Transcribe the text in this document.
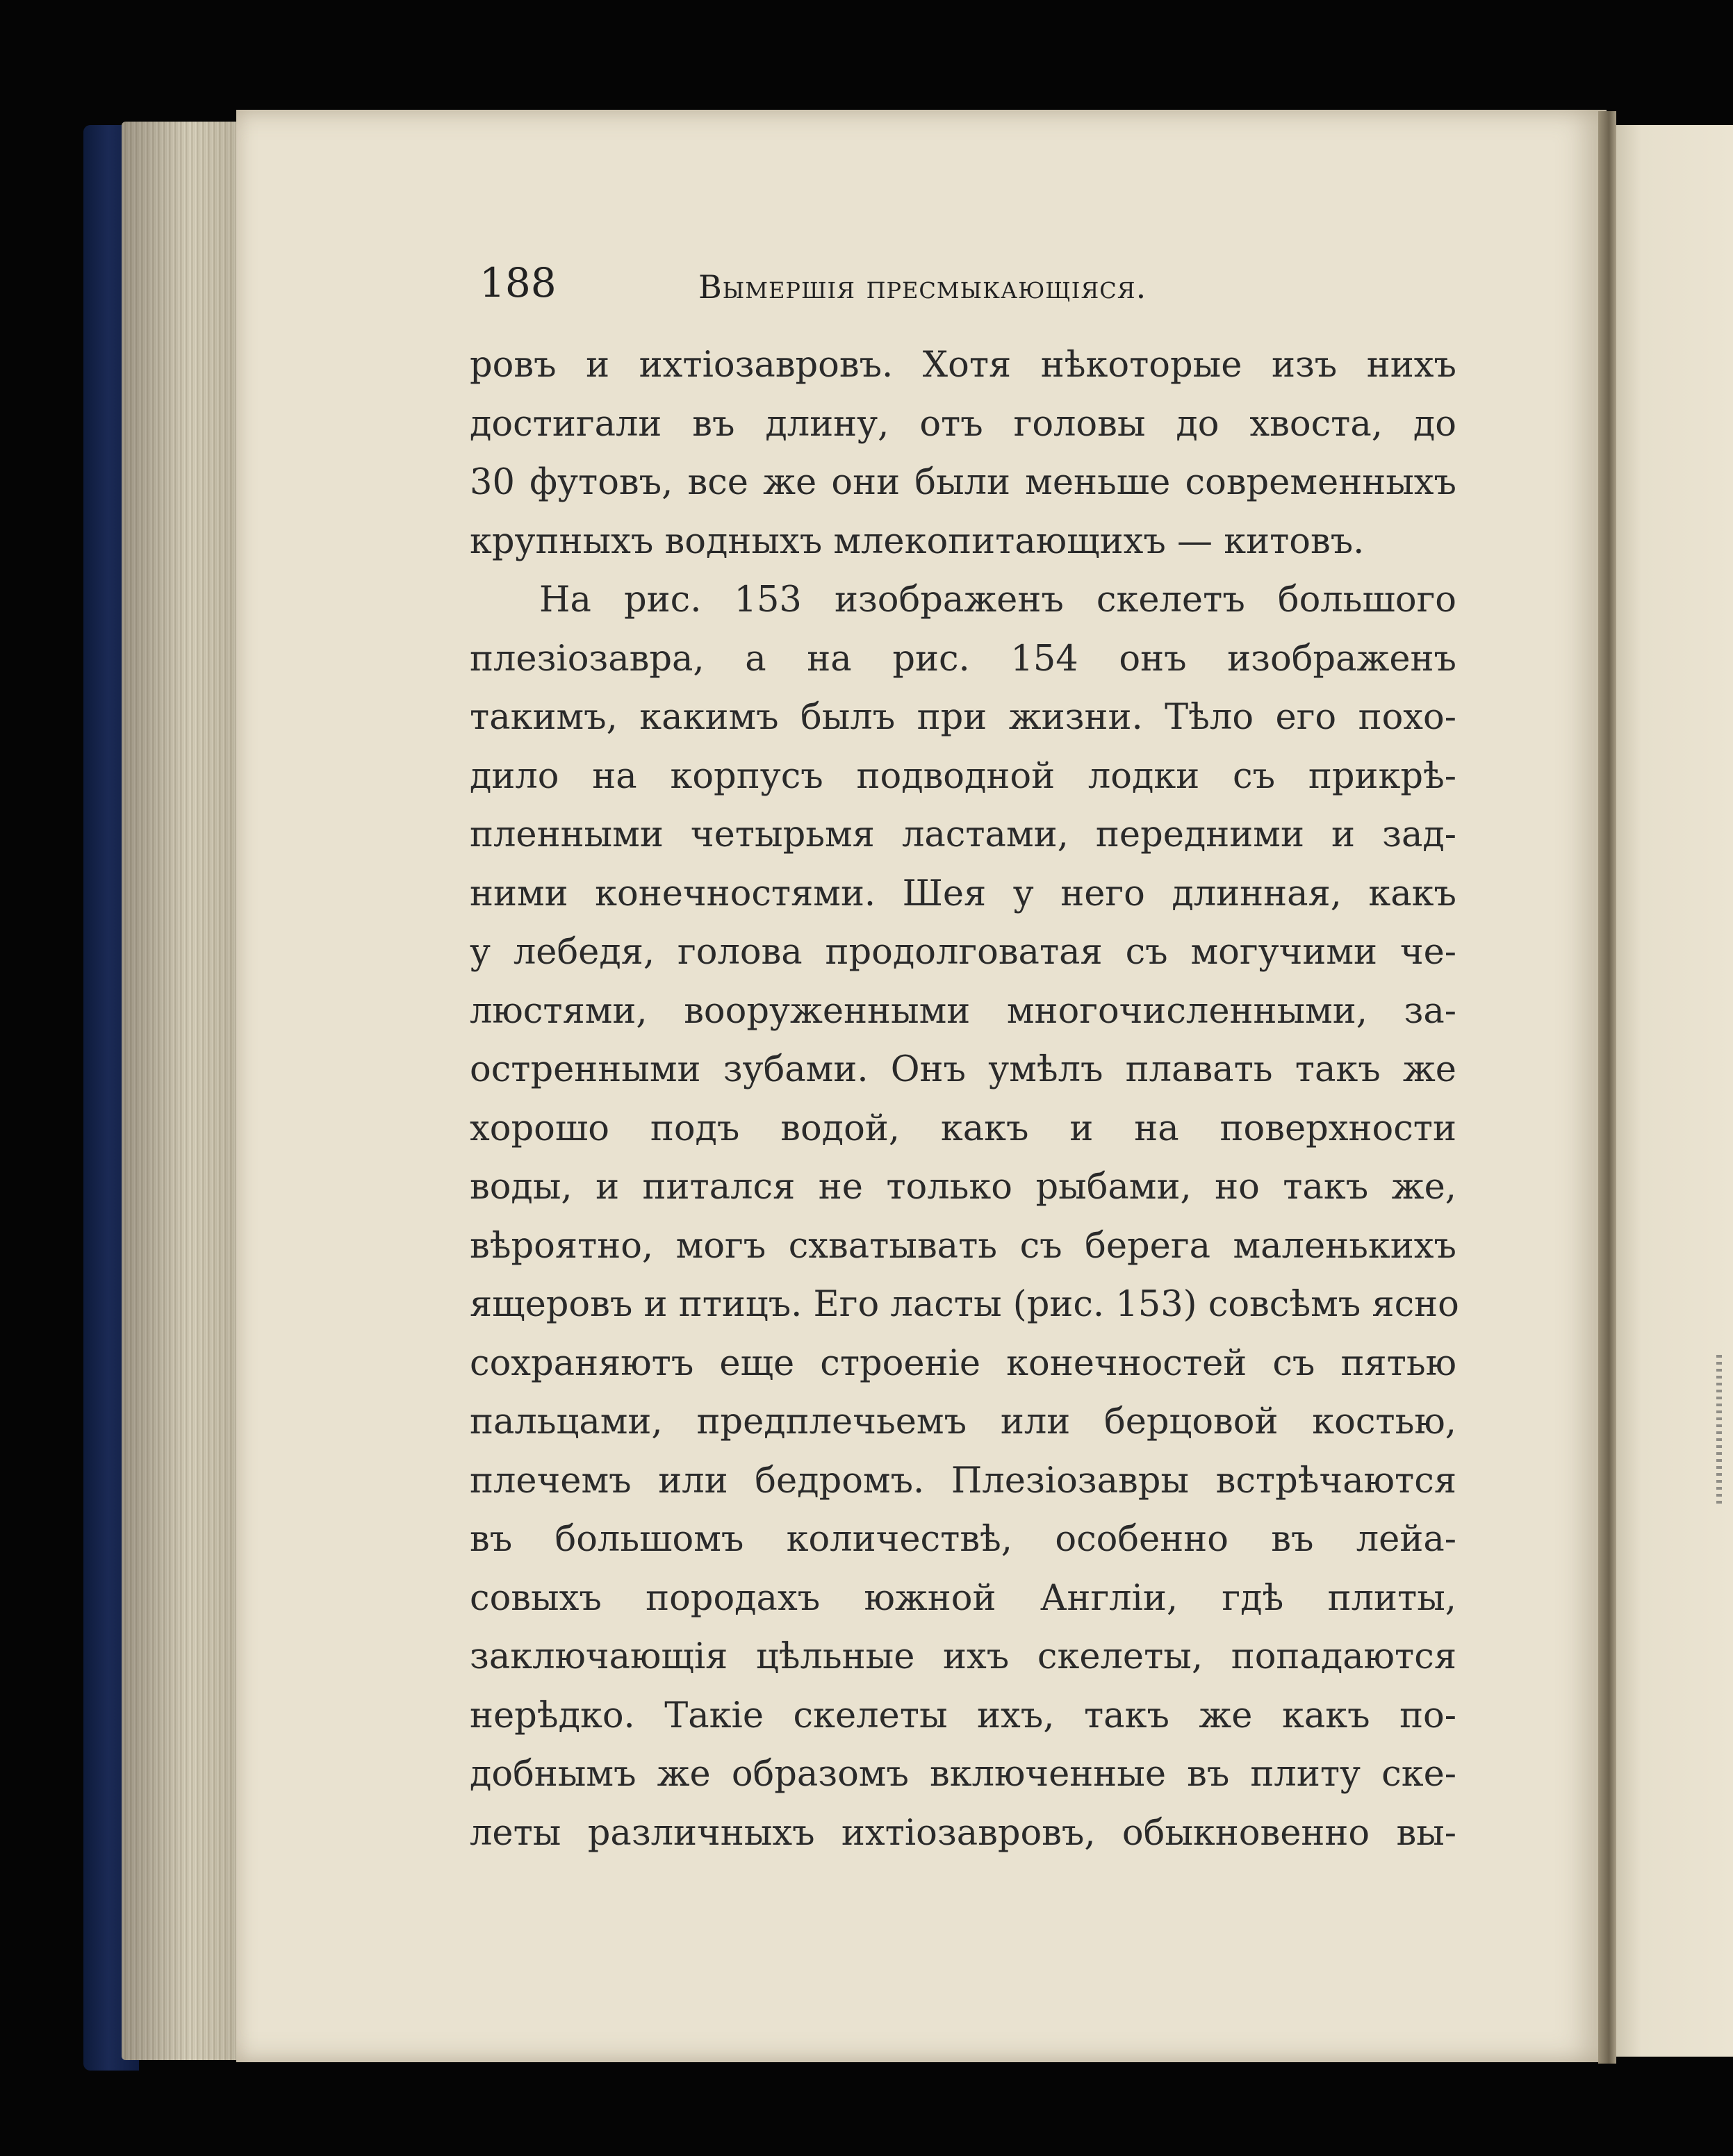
188	Вымершія пресмыкающіяся.
ровъ и ихтіозавровъ. Хотя нѣкоторые изъ нихъ
достигали въ длину, отъ головы до хвоста, до
30 футовъ, все же они были меньше современныхъ
крупныхъ водныхъ млекопитающихъ — китовъ.
На рис. 153 изображенъ скелетъ большого
плезіозавра, а на рис. 154 онъ изображенъ
такимъ, какимъ былъ при жизни. Тѣло его похо-
дило на корпусъ подводной лодки съ прикрѣ-
пленными четырьмя ластами, передними и зад-
ними конечностями. Шея у него длинная, какъ
у лебедя, голова продолговатая съ могучими че-
люстями, вооруженными многочисленными, за-
остренными зубами. Онъ умѣлъ плавать такъ же
хорошо подъ водой, какъ и на поверхности
воды, и питался не только рыбами, но такъ же,
вѣроятно, могъ схватывать съ берега маленькихъ
ящеровъ и птицъ. Его ласты (рис. 153) совсѣмъ ясно
сохраняютъ еще строеніе конечностей съ пятью
пальцами, предплечьемъ или берцовой костью,
плечемъ или бедромъ. Плезіозавры встрѣчаются
въ большомъ количествѣ, особенно въ лейа-
совыхъ породахъ южной Англіи, гдѣ плиты,
заключающія цѣльные ихъ скелеты, попадаются
нерѣдко. Такіе скелеты ихъ, такъ же какъ по-
добнымъ же образомъ включенные въ плиту ске-
леты различныхъ ихтіозавровъ, обыкновенно вы-
